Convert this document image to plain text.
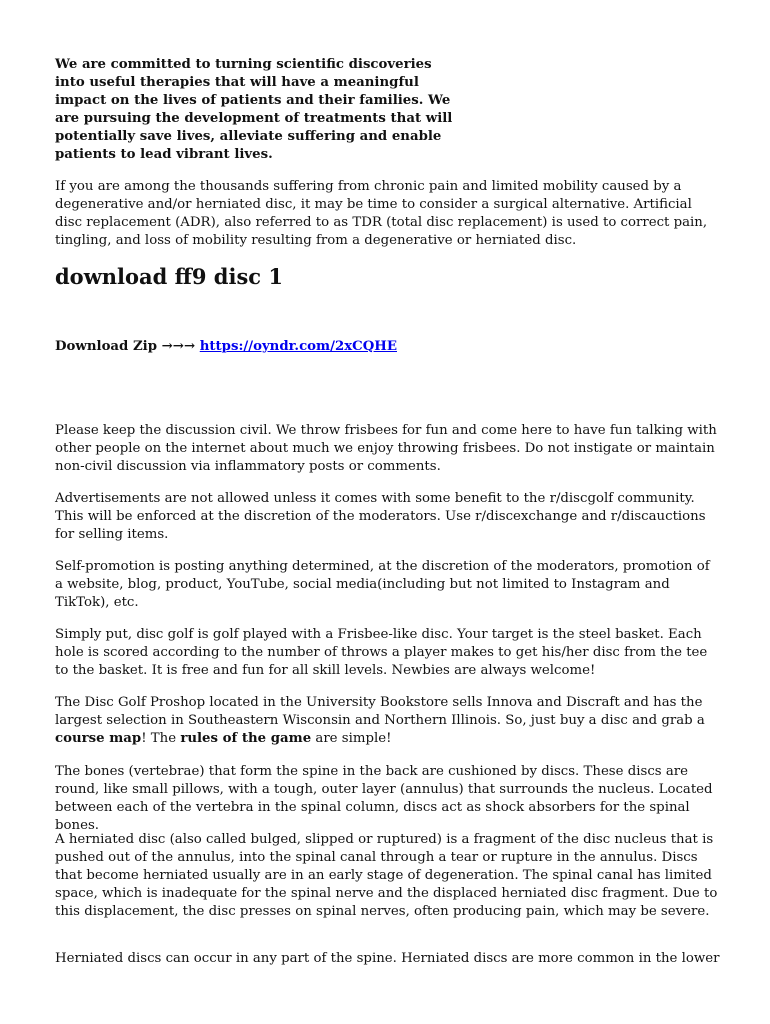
We are committed to turning scientific discoveries into useful therapies that will have a meaningful impact on the lives of patients and their families. We are pursuing the development of treatments that will potentially save lives, alleviate suffering and enable patients to lead vibrant lives.

If you are among the thousands suffering from chronic pain and limited mobility caused by a degenerative and/or herniated disc, it may be time to consider a surgical alternative. Artificial disc replacement (ADR), also referred to as TDR (total disc replacement) is used to correct pain, tingling, and loss of mobility resulting from a degenerative or herniated disc.

download ff9 disc 1

Download Zip →→→ https://oyndr.com/2xCQHE

Please keep the discussion civil. We throw frisbees for fun and come here to have fun talking with other people on the internet about much we enjoy throwing frisbees. Do not instigate or maintain non-civil discussion via inflammatory posts or comments.

Advertisements are not allowed unless it comes with some benefit to the r/discgolf community. This will be enforced at the discretion of the moderators. Use r/discexchange and r/discauctions for selling items.

Self-promotion is posting anything determined, at the discretion of the moderators, promotion of a website, blog, product, YouTube, social media(including but not limited to Instagram and TikTok), etc.

Simply put, disc golf is golf played with a Frisbee-like disc. Your target is the steel basket. Each hole is scored according to the number of throws a player makes to get his/her disc from the tee to the basket. It is free and fun for all skill levels. Newbies are always welcome!

The Disc Golf Proshop located in the University Bookstore sells Innova and Discraft and has the largest selection in Southeastern Wisconsin and Northern Illinois. So, just buy a disc and grab a course map! The rules of the game are simple!

The bones (vertebrae) that form the spine in the back are cushioned by discs. These discs are round, like small pillows, with a tough, outer layer (annulus) that surrounds the nucleus. Located between each of the vertebra in the spinal column, discs act as shock absorbers for the spinal bones.

A herniated disc (also called bulged, slipped or ruptured) is a fragment of the disc nucleus that is pushed out of the annulus, into the spinal canal through a tear or rupture in the annulus. Discs that become herniated usually are in an early stage of degeneration. The spinal canal has limited space, which is inadequate for the spinal nerve and the displaced herniated disc fragment. Due to this displacement, the disc presses on spinal nerves, often producing pain, which may be severe.

Herniated discs can occur in any part of the spine. Herniated discs are more common in the lower
